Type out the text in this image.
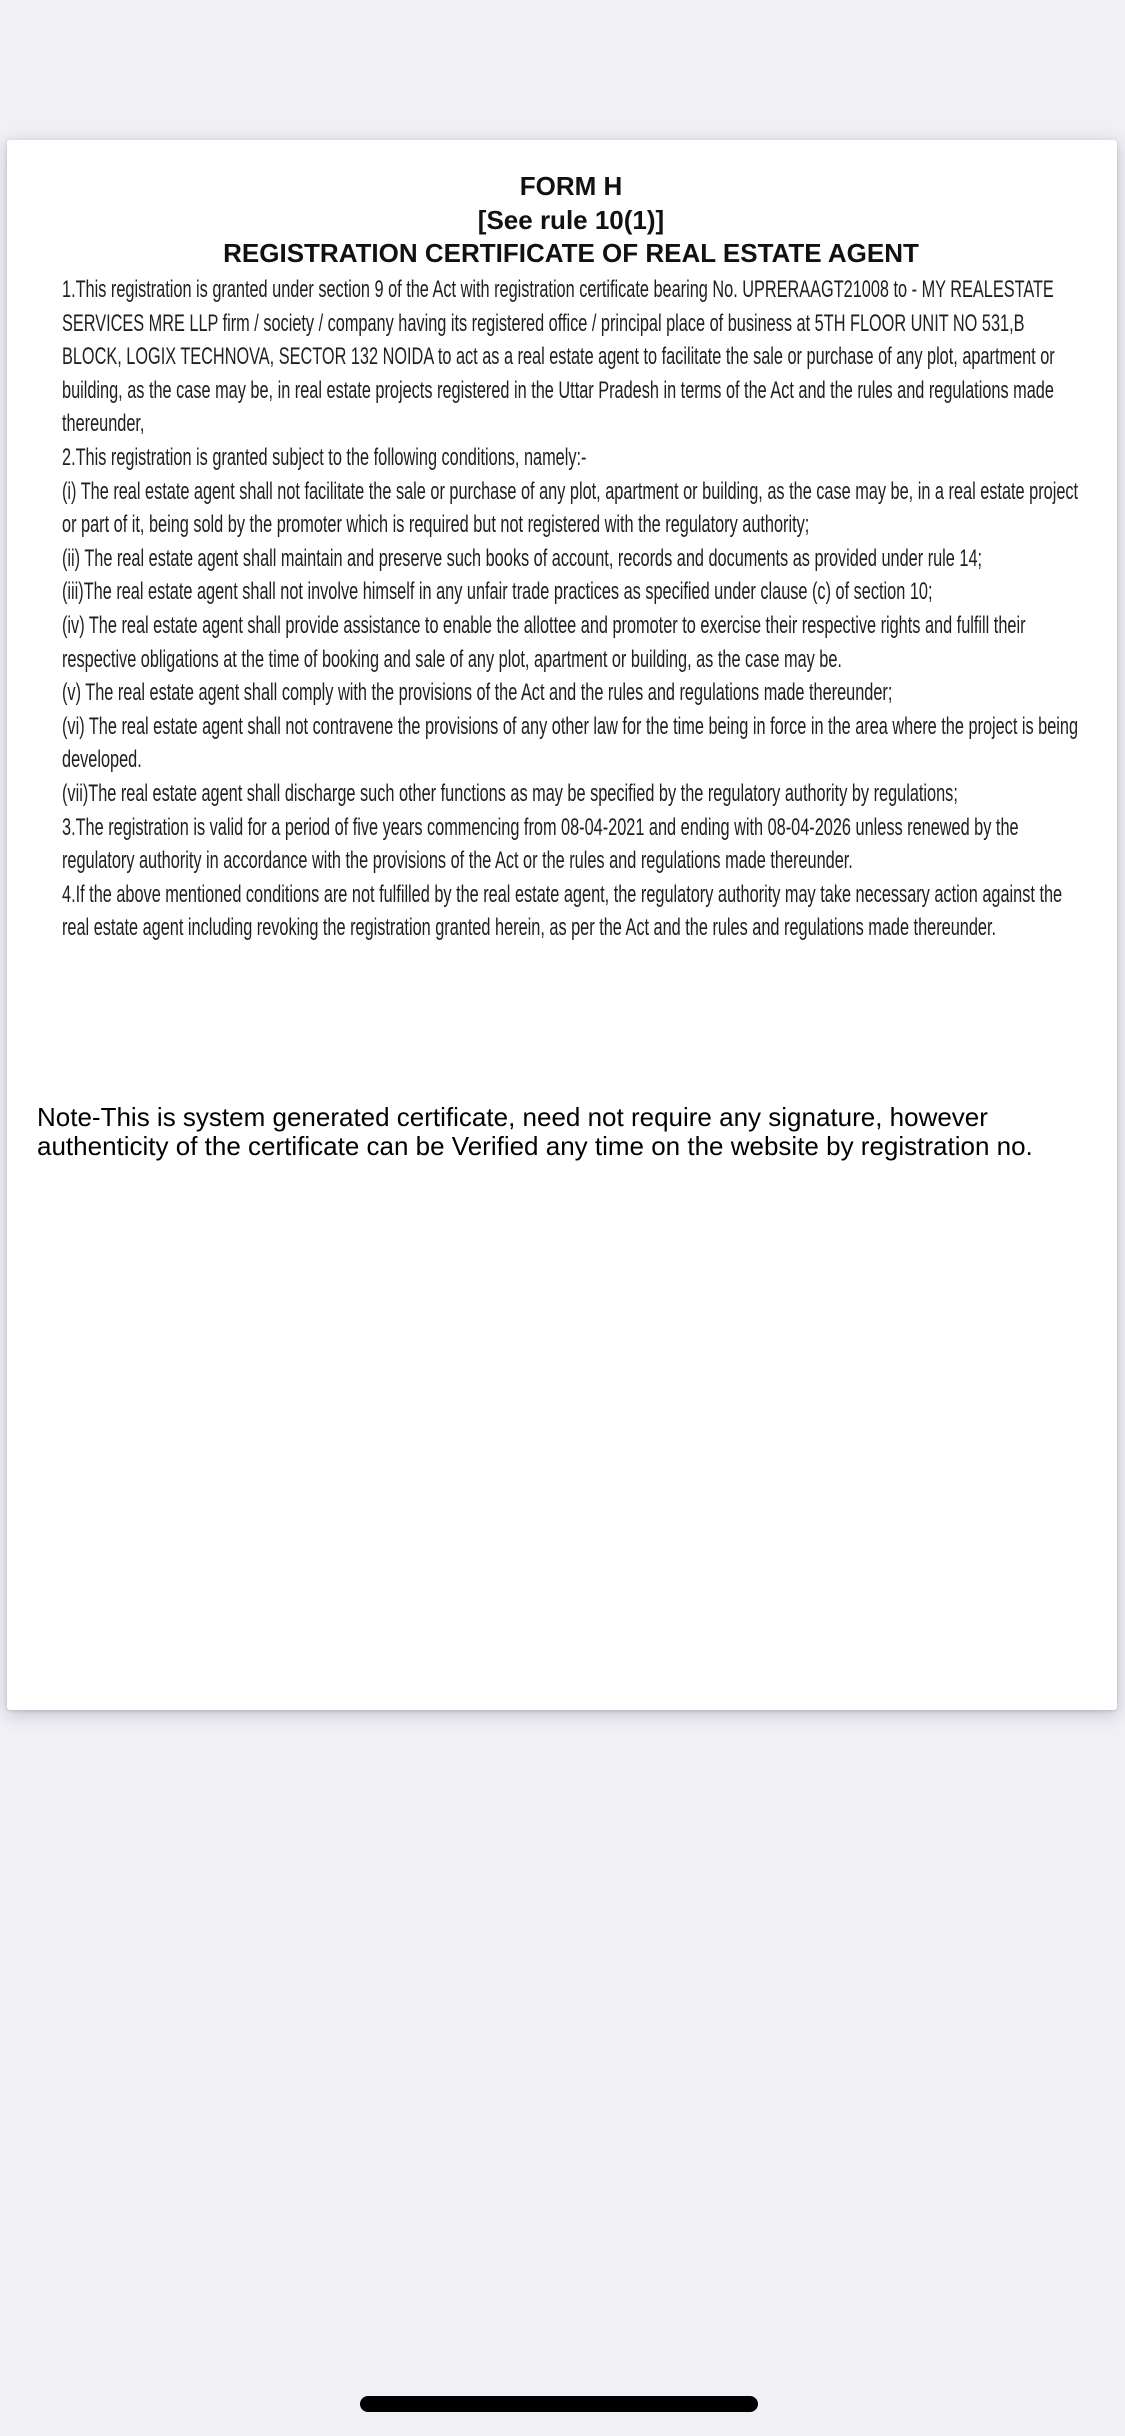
FORM H
[See rule 10(1)]
REGISTRATION CERTIFICATE OF REAL ESTATE AGENT

1.This registration is granted under section 9 of the Act with registration certificate bearing No. UPRERAAGT21008 to - MY REALESTATE SERVICES MRE LLP firm / society / company having its registered office / principal place of business at 5TH FLOOR UNIT NO 531,B BLOCK, LOGIX TECHNOVA, SECTOR 132 NOIDA to act as a real estate agent to facilitate the sale or purchase of any plot, apartment or building, as the case may be, in real estate projects registered in the Uttar Pradesh in terms of the Act and the rules and regulations made thereunder,

2.This registration is granted subject to the following conditions, namely:-

(i) The real estate agent shall not facilitate the sale or purchase of any plot, apartment or building, as the case may be, in a real estate project or part of it, being sold by the promoter which is required but not registered with the regulatory authority;

(ii) The real estate agent shall maintain and preserve such books of account, records and documents as provided under rule 14;

(iii)The real estate agent shall not involve himself in any unfair trade practices as specified under clause (c) of section 10;

(iv) The real estate agent shall provide assistance to enable the allottee and promoter to exercise their respective rights and fulfill their respective obligations at the time of booking and sale of any plot, apartment or building, as the case may be.

(v) The real estate agent shall comply with the provisions of the Act and the rules and regulations made thereunder;

(vi) The real estate agent shall not contravene the provisions of any other law for the time being in force in the area where the project is being developed.

(vii)The real estate agent shall discharge such other functions as may be specified by the regulatory authority by regulations;

3.The registration is valid for a period of five years commencing from 08-04-2021 and ending with 08-04-2026 unless renewed by the regulatory authority in accordance with the provisions of the Act or the rules and regulations made thereunder.

4.If the above mentioned conditions are not fulfilled by the real estate agent, the regulatory authority may take necessary action against the real estate agent including revoking the registration granted herein, as per the Act and the rules and regulations made thereunder.

Note-This is system generated certificate, need not require any signature, however authenticity of the certificate can be Verified any time on the website by registration no.
